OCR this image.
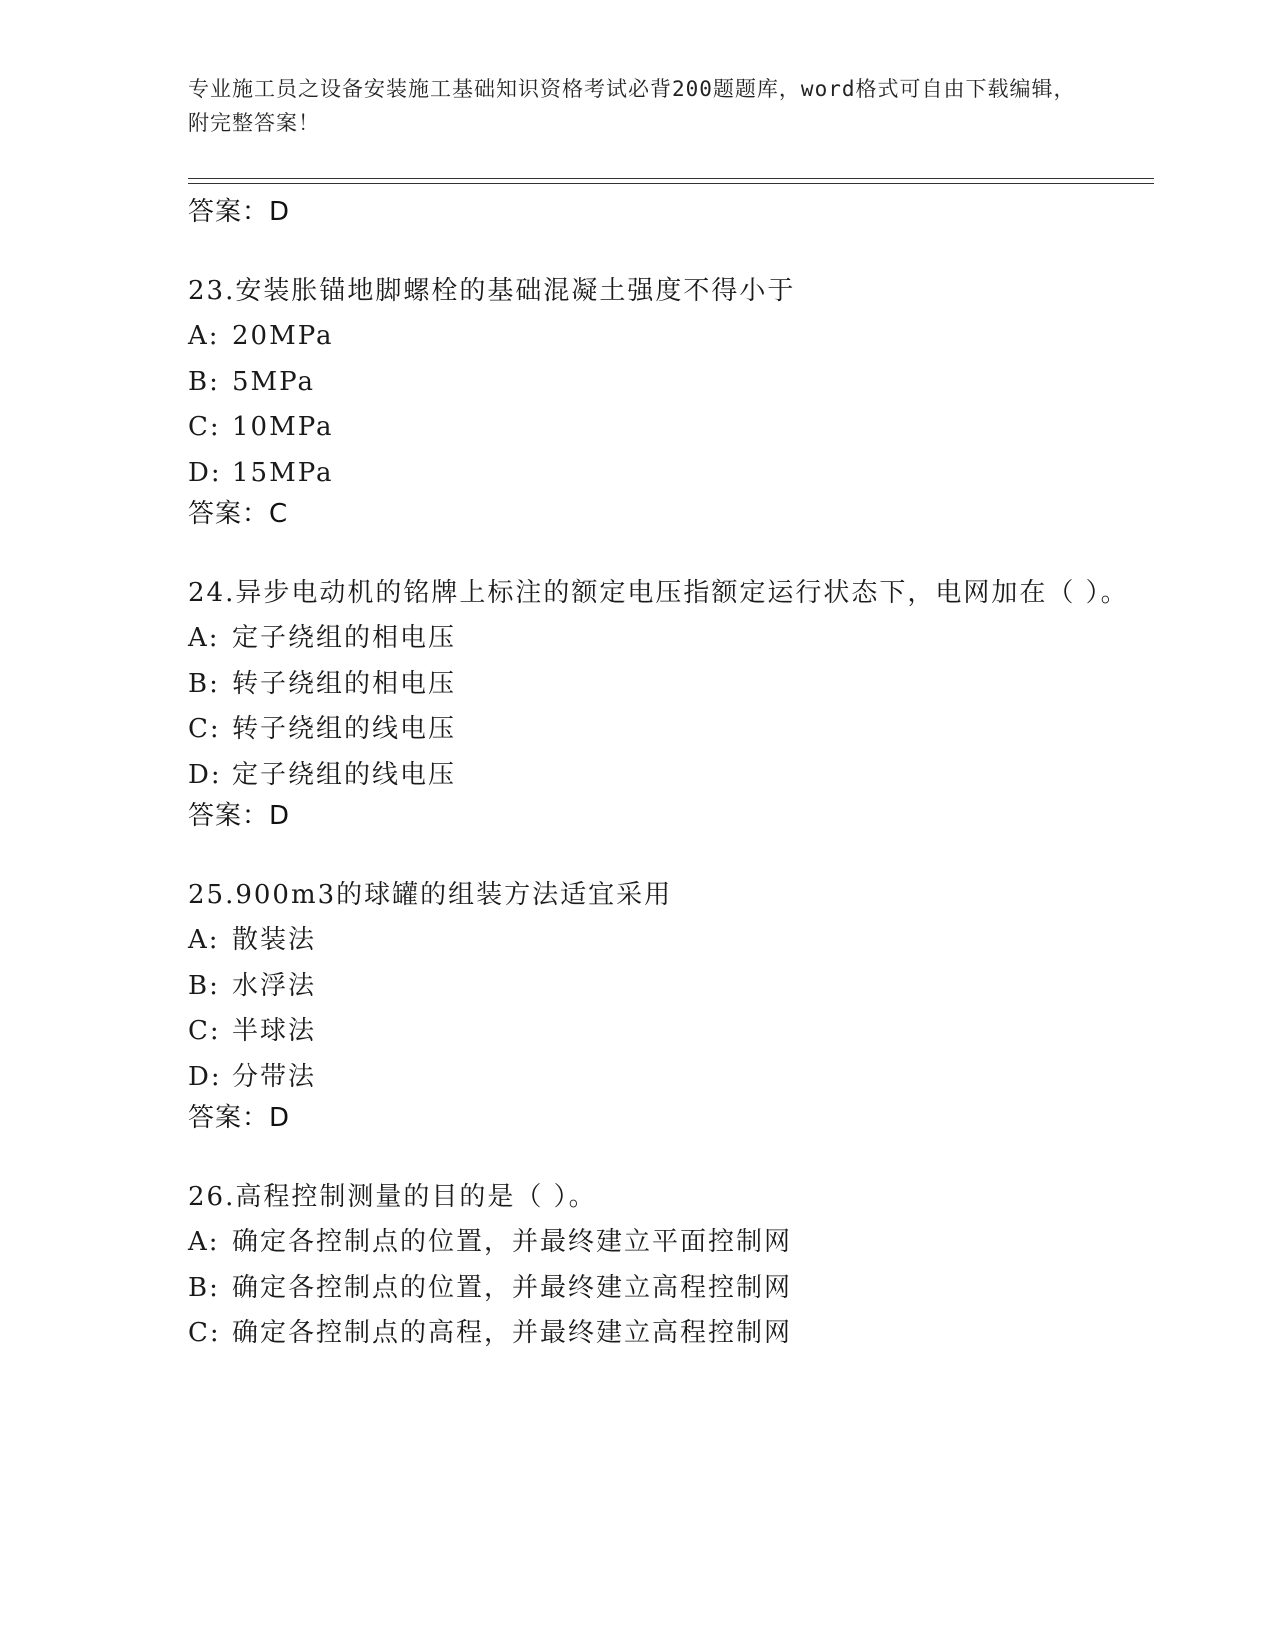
专业施工员之设备安装施工基础知识资格考试必背200题题库，word格式可自由下载编辑，附完整答案！
答案：D
23.安装胀锚地脚螺栓的基础混凝土强度不得小于
A: 20MPa
B: 5MPa
C: 10MPa
D: 15MPa
答案：C
24.异步电动机的铭牌上标注的额定电压指额定运行状态下，电网加在（ ）。
A: 定子绕组的相电压
B: 转子绕组的相电压
C: 转子绕组的线电压
D: 定子绕组的线电压
答案：D
25.900m3的球罐的组装方法适宜采用
A: 散装法
B: 水浮法
C: 半球法
D: 分带法
答案：D
26.高程控制测量的目的是（ ）。
A: 确定各控制点的位置，并最终建立平面控制网
B: 确定各控制点的位置，并最终建立高程控制网
C: 确定各控制点的高程，并最终建立高程控制网
